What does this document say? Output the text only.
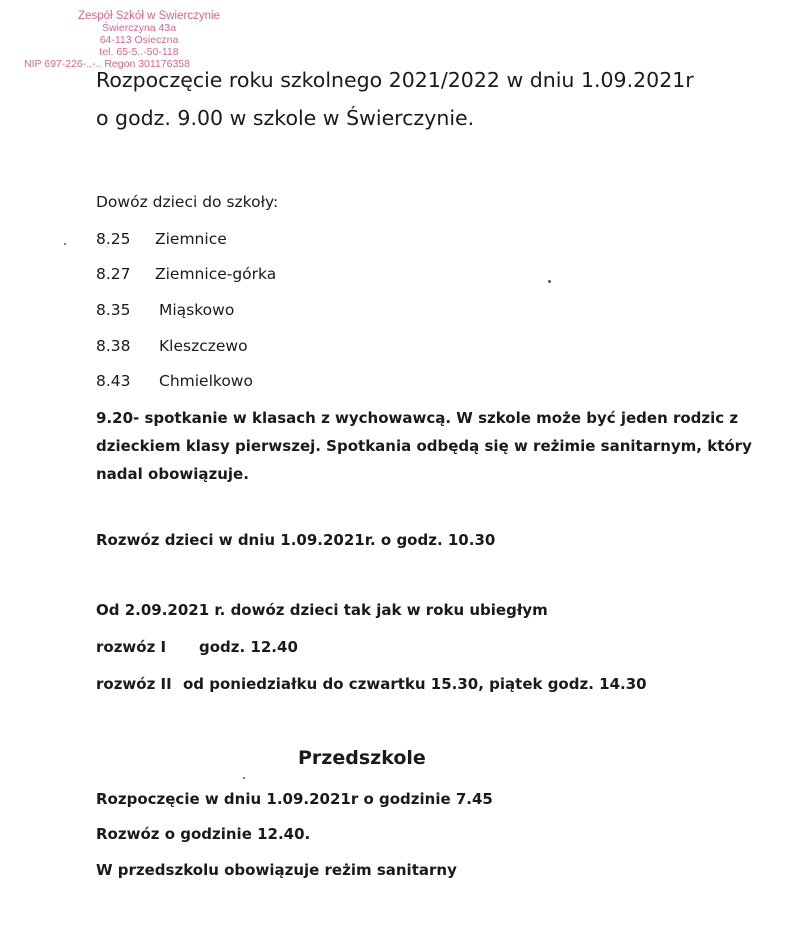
Zespół Szkół w Świerczynie
Świerczyna 43a
64-113 Osieczna
tel. 65-5..-50-118
NIP 697-226-..-.. Regon 301176358
Rozpoczęcie roku szkolnego 2021/2022 w dniu 1.09.2021r
o godz. 9.00 w szkole w Świerczynie.
Dowóz dzieci do szkoły:
8.25 Ziemnice
8.27 Ziemnice-górka
8.35 Miąskowo
8.38 Kleszczewo
8.43 Chmielkowo
9.20- spotkanie w klasach z wychowawcą. W szkole może być jeden rodzic z
dzieckiem klasy pierwszej. Spotkania odbędą się w reżimie sanitarnym, który
nadal obowiązuje.
Rozwóz dzieci w dniu 1.09.2021r. o godz. 10.30
Od 2.09.2021 r. dowóz dzieci tak jak w roku ubiegłym
rozwóz I godz. 12.40
rozwóz II od poniedziałku do czwartku 15.30, piątek godz. 14.30
Przedszkole
Rozpoczęcie w dniu 1.09.2021r o godzinie 7.45
Rozwóz o godzinie 12.40.
W przedszkolu obowiązuje reżim sanitarny
